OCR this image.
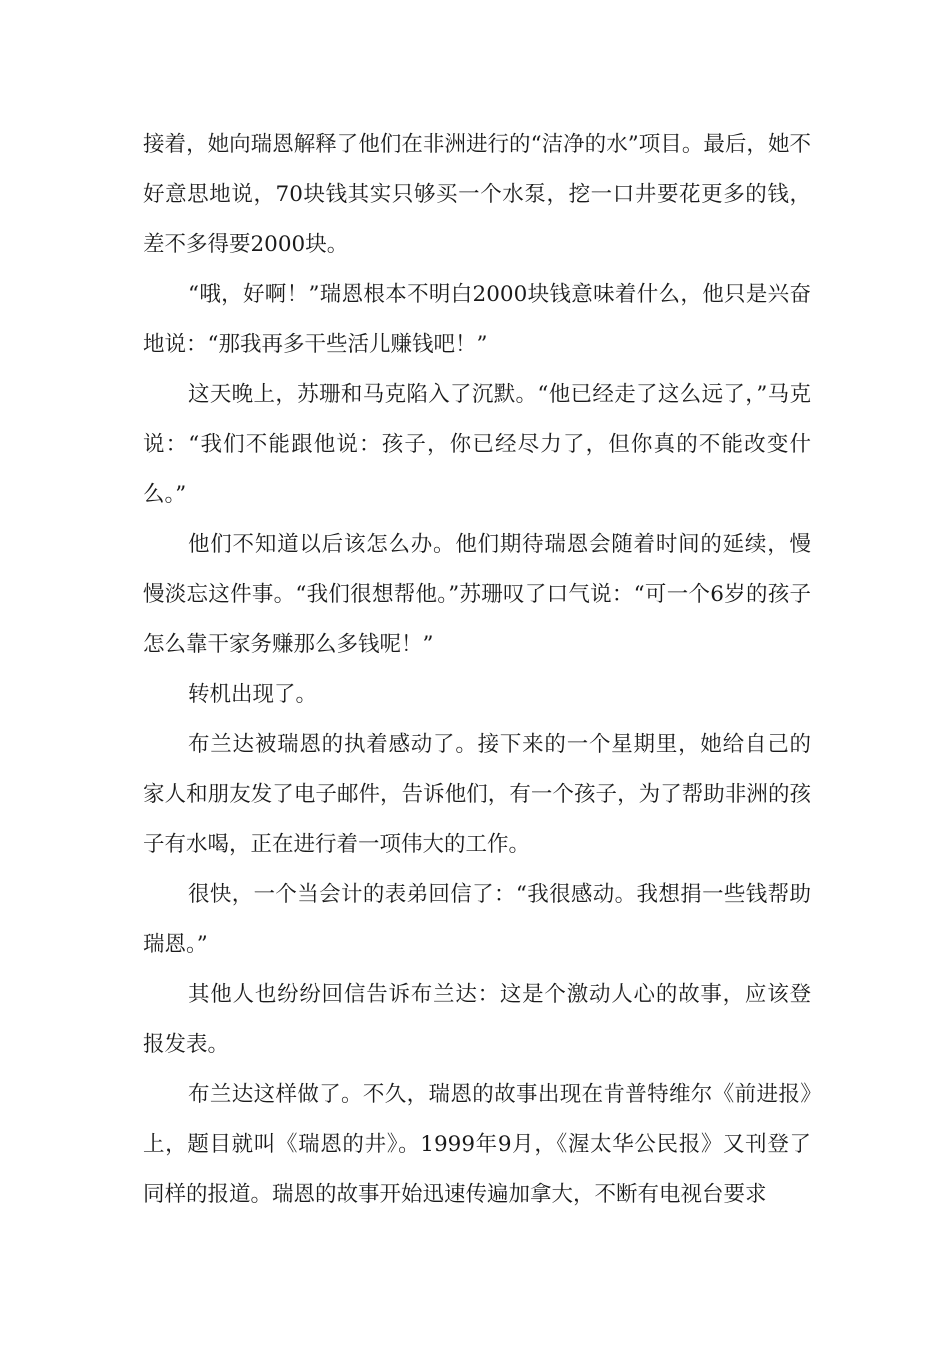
接着，她向瑞恩解释了他们在非洲进行的“洁净的水”项目。最后，她不好意思地说，70块钱其实只够买一个水泵，挖一口井要花更多的钱，差不多得要2000块。

“哦，好啊！”瑞恩根本不明白2000块钱意味着什么，他只是兴奋地说：“那我再多干些活儿赚钱吧！”

这天晚上，苏珊和马克陷入了沉默。“他已经走了这么远了，”马克说：“我们不能跟他说：孩子，你已经尽力了，但你真的不能改变什么。”

他们不知道以后该怎么办。他们期待瑞恩会随着时间的延续，慢慢淡忘这件事。“我们很想帮他。”苏珊叹了口气说：“可一个6岁的孩子怎么靠干家务赚那么多钱呢！”

转机出现了。

布兰达被瑞恩的执着感动了。接下来的一个星期里，她给自己的家人和朋友发了电子邮件，告诉他们，有一个孩子，为了帮助非洲的孩子有水喝，正在进行着一项伟大的工作。

很快，一个当会计的表弟回信了：“我很感动。我想捐一些钱帮助瑞恩。”

其他人也纷纷回信告诉布兰达：这是个激动人心的故事，应该登报发表。

布兰达这样做了。不久，瑞恩的故事出现在肯普特维尔《前进报》上，题目就叫《瑞恩的井》。1999年9月，《渥太华公民报》又刊登了同样的报道。瑞恩的故事开始迅速传遍加拿大，不断有电视台要求
